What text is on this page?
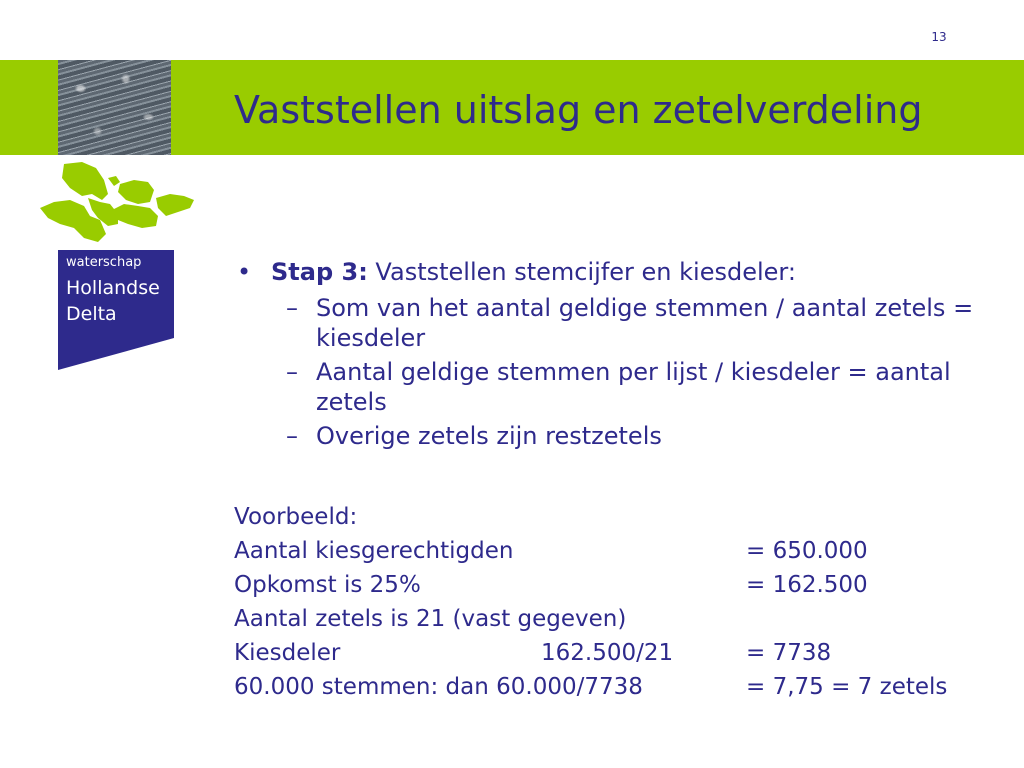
13
Vaststellen uitslag en zetelverdeling
waterschap
Hollandse
Delta
• Stap 3: Vaststellen stemcijfer en kiesdeler:
– Som van het aantal geldige stemmen / aantal zetels = kiesdeler
– Aantal geldige stemmen per lijst / kiesdeler = aantal zetels
– Overige zetels zijn restzetels
Voorbeeld:
Aantal kiesgerechtigden	= 650.000
Opkomst is 25%	= 162.500
Aantal zetels is 21 (vast gegeven)
Kiesdeler	162.500/21	= 7738
60.000 stemmen: dan 60.000/7738	= 7,75 = 7 zetels
